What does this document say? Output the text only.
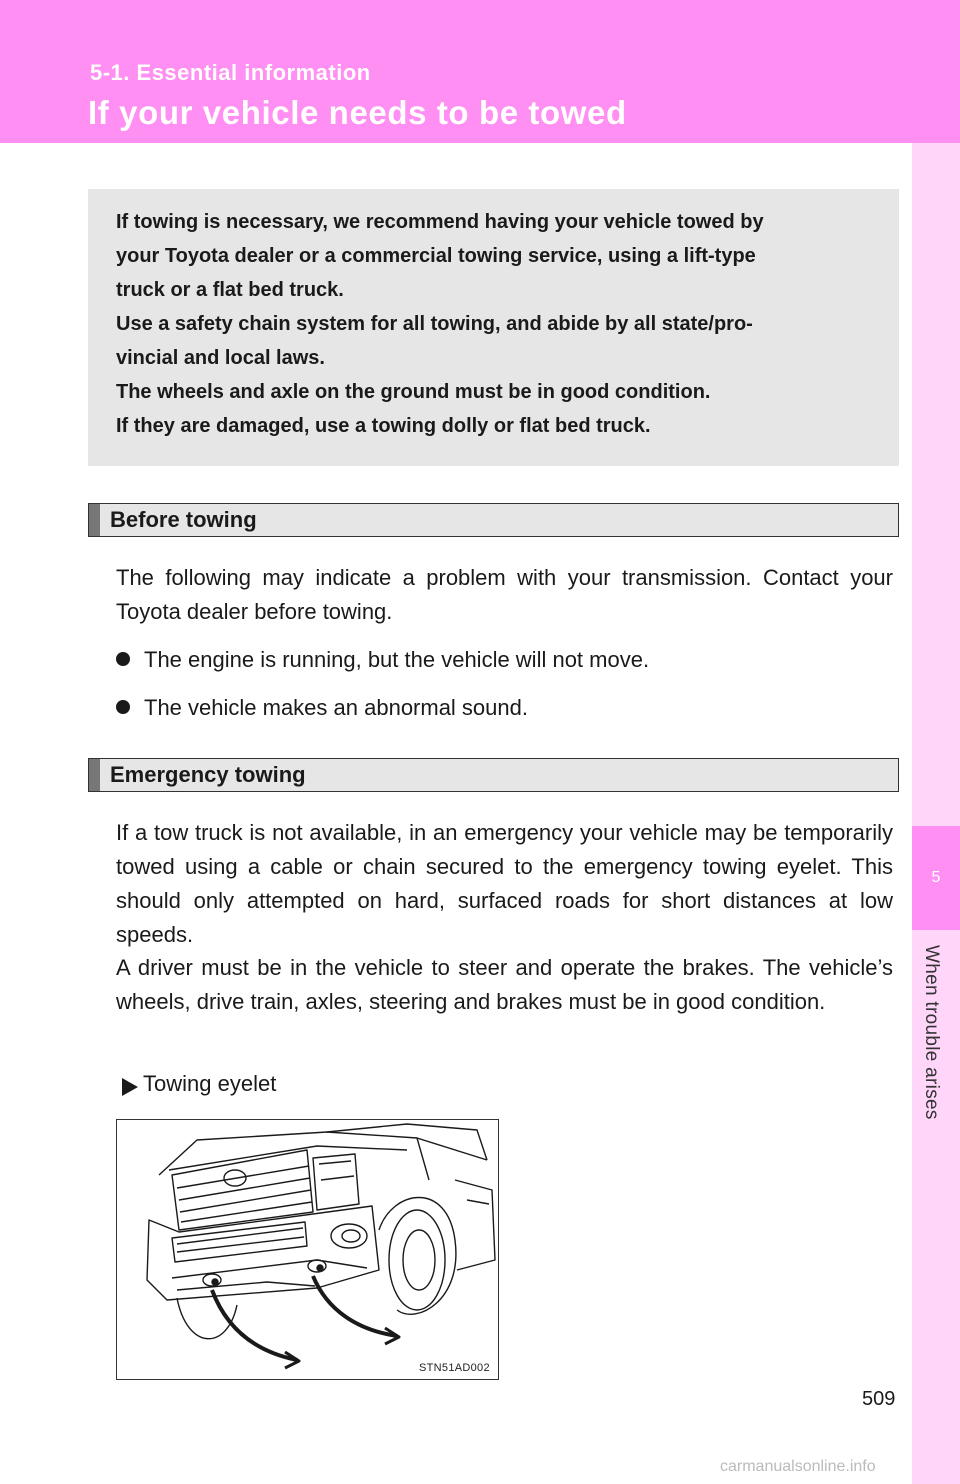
5-1. Essential information
If your vehicle needs to be towed
5
When trouble arises

If towing is necessary, we recommend having your vehicle towed by
your Toyota dealer or a commercial towing service, using a lift-type
truck or a flat bed truck.
Use a safety chain system for all towing, and abide by all state/pro-
vincial and local laws.
The wheels and axle on the ground must be in good condition.
If they are damaged, use a towing dolly or flat bed truck.

Before towing

The following may indicate a problem with your transmission. Contact your Toyota dealer before towing.

The engine is running, but the vehicle will not move.
The vehicle makes an abnormal sound.
Emergency towing

If a tow truck is not available, in an emergency your vehicle may be temporarily towed using a cable or chain secured to the emergency towing eyelet. This should only attempted on hard, surfaced roads for short distances at low speeds.

A driver must be in the vehicle to steer and operate the brakes. The vehicle’s wheels, drive train, axles, steering and brakes must be in good condition.

Towing eyelet
STN51AD002
509
carmanualsonline.info
